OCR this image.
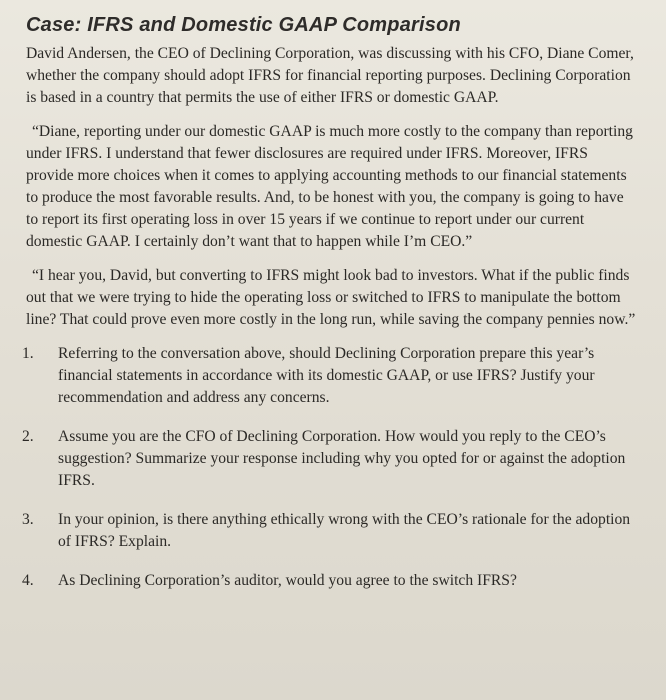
Case: IFRS and Domestic GAAP Comparison

David Andersen, the CEO of Declining Corporation, was discussing with his CFO, Diane Comer, whether the company should adopt IFRS for financial reporting purposes. Declining Corporation is based in a country that permits the use of either IFRS or domestic GAAP.

“Diane, reporting under our domestic GAAP is much more costly to the company than reporting under IFRS. I understand that fewer disclosures are required under IFRS. Moreover, IFRS provide more choices when it comes to applying accounting methods to our financial statements to produce the most favorable results. And, to be honest with you, the company is going to have to report its first operating loss in over 15 years if we continue to report under our current domestic GAAP. I certainly don’t want that to happen while I’m CEO.”

“I hear you, David, but converting to IFRS might look bad to investors. What if the public finds out that we were trying to hide the operating loss or switched to IFRS to manipulate the bottom line? That could prove even more costly in the long run, while saving the company pennies now.”

1.	Referring to the conversation above, should Declining Corporation prepare this year’s financial statements in accordance with its domestic GAAP, or use IFRS? Justify your recommendation and address any concerns.
2.	Assume you are the CFO of Declining Corporation. How would you reply to the CEO’s suggestion? Summarize your response including why you opted for or against the adoption IFRS.
3.	In your opinion, is there anything ethically wrong with the CEO’s rationale for the adoption of IFRS? Explain.
4.	As Declining Corporation’s auditor, would you agree to the switch IFRS?
